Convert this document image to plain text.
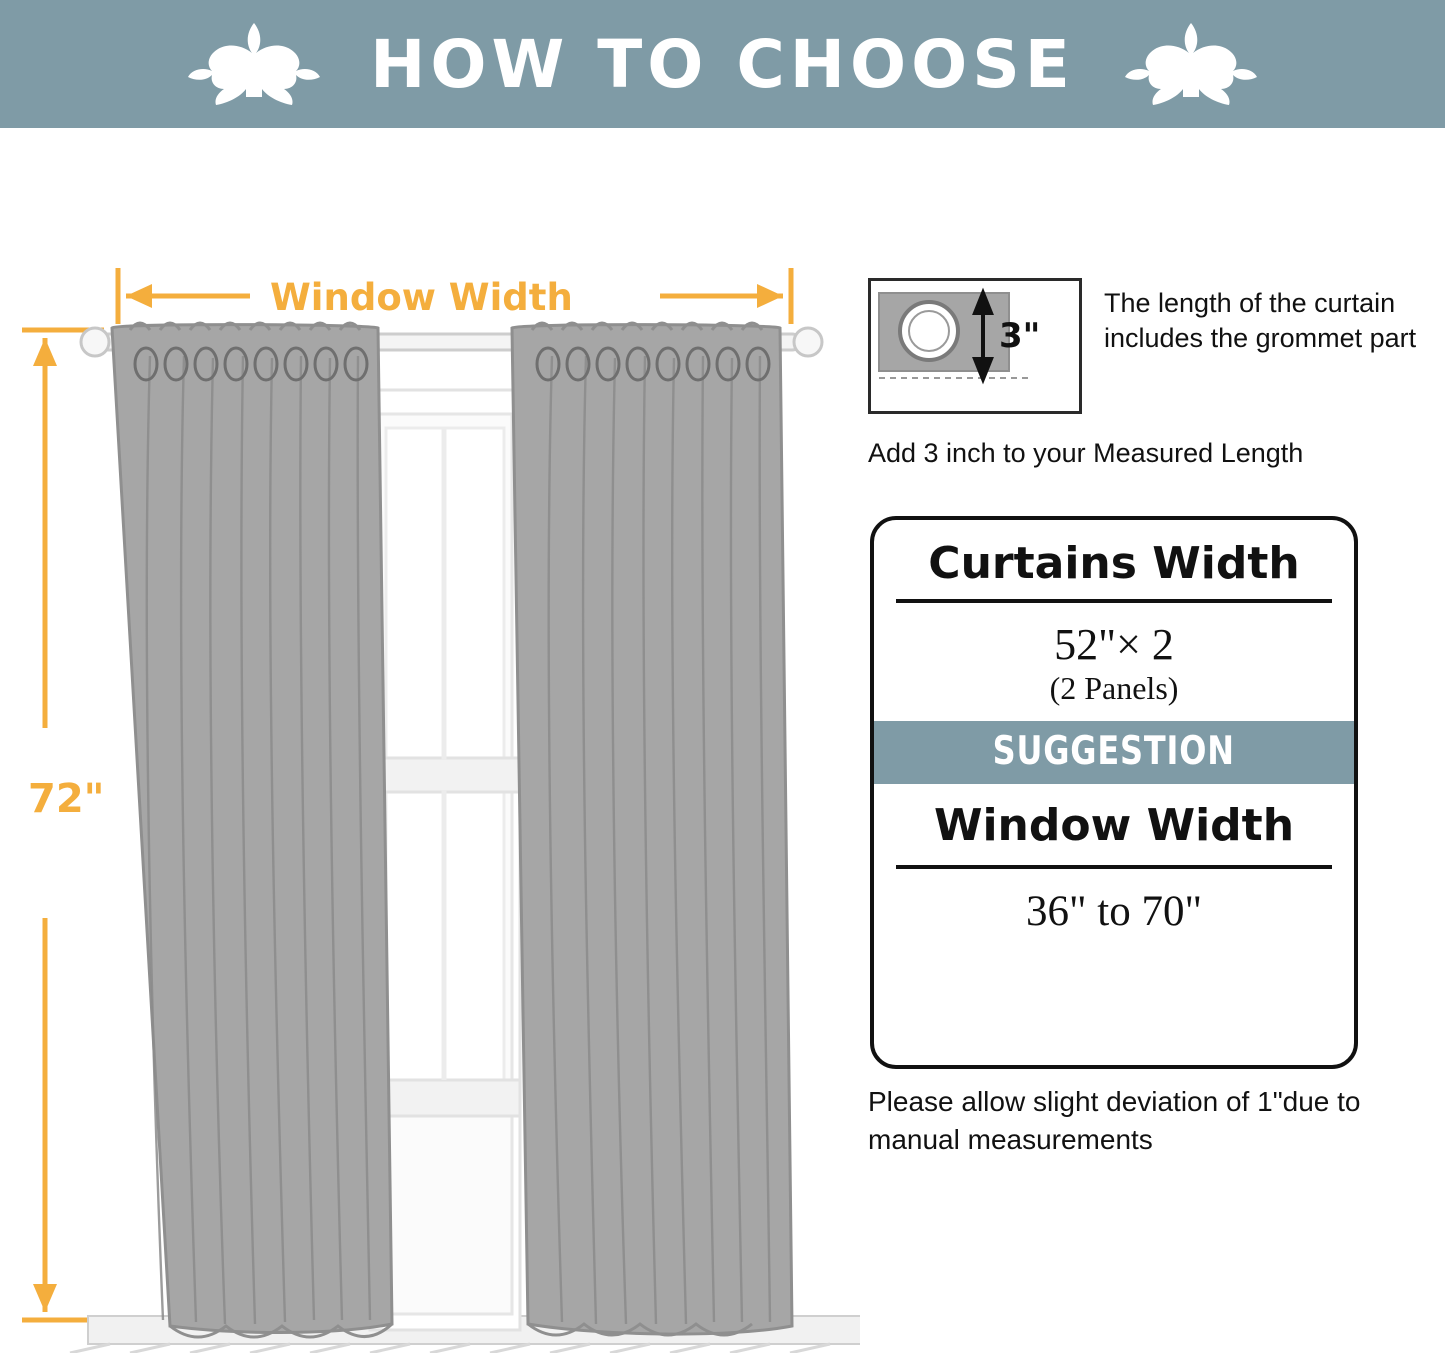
HOW TO CHOOSE
Window Width
72"
3"
The length of the curtain includes the grommet part
Add 3 inch to your Measured Length
Curtains Width
52"× 2
(2 Panels)
SUGGESTION
Window Width
36" to 70"
Please allow slight deviation of 1"due to manual measurements
